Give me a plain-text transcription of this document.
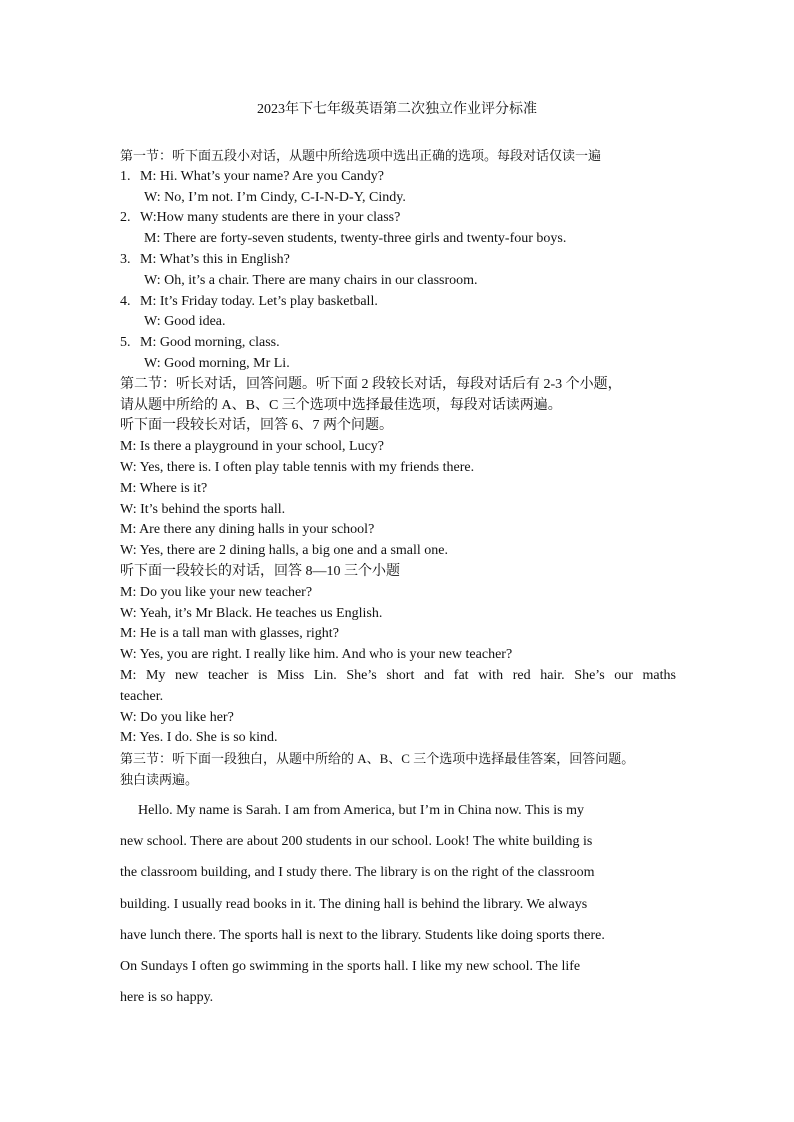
2023年下七年级英语第二次独立作业评分标准
第一节：听下面五段小对话，从题中所给选项中选出正确的选项。每段对话仅读一遍
1. M: Hi. What’s your name? Are you Candy?
W: No, I’m not. I’m Cindy, C-I-N-D-Y, Cindy.
2. W:How many students are there in your class?
M: There are forty-seven students, twenty-three girls and twenty-four boys.
3. M: What’s this in English?
W: Oh, it’s a chair. There are many chairs in our classroom.
4. M: It’s Friday today. Let’s play basketball.
W: Good idea.
5. M: Good morning, class.
W: Good morning, Mr Li.
第二节：听长对话，回答问题。听下面 2 段较长对话，每段对话后有 2-3 个小题，
请从题中所给的 A、B、C 三个选项中选择最佳选项，每段对话读两遍。
听下面一段较长对话，回答 6、7 两个问题。
M: Is there a playground in your school, Lucy?
W: Yes, there is. I often play table tennis with my friends there.
M: Where is it?
W: It’s behind the sports hall.
M: Are there any dining halls in your school?
W: Yes, there are 2 dining halls, a big one and a small one.
听下面一段较长的对话，回答 8—10 三个小题
M: Do you like your new teacher?
W: Yeah, it’s Mr Black. He teaches us English.
M: He is a tall man with glasses, right?
W: Yes, you are right. I really like him. And who is your new teacher?
M: My new teacher is Miss Lin. She’s short and fat with red hair. She’s our maths
teacher.
W: Do you like her?
M: Yes. I do. She is so kind.
第三节：听下面一段独白，从题中所给的 A、B、C 三个选项中选择最佳答案，回答问题。
独白读两遍。
Hello. My name is Sarah. I am from America, but I’m in China now. This is my
new school. There are about 200 students in our school. Look! The white building is
the classroom building, and I study there. The library is on the right of the classroom
building. I usually read books in it. The dining hall is behind the library. We always
have lunch there. The sports hall is next to the library. Students like doing sports there.
On Sundays I often go swimming in the sports hall. I like my new school. The life
here is so happy.
